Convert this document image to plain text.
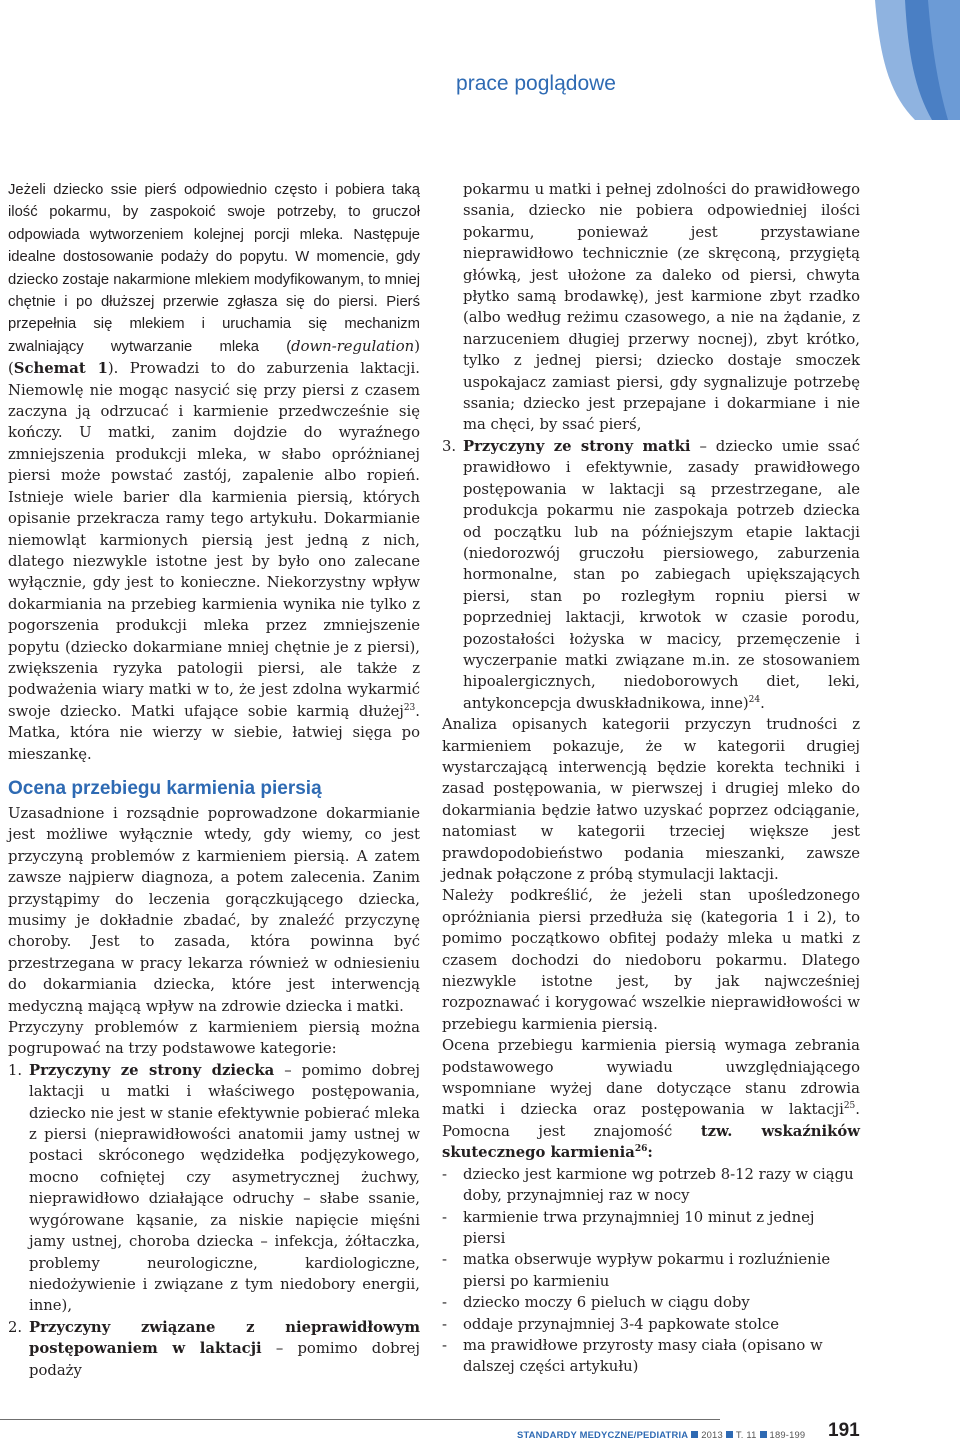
prace poglądowe

Jeżeli dziecko ssie pierś odpowiednio często i pobiera taką ilość pokarmu, by zaspokoić swoje potrzeby, to gruczoł odpowiada wytworzeniem kolejnej porcji mleka. Następuje idealne dostosowanie podaży do popytu. W momencie, gdy dziecko zostaje nakarmione mlekiem modyfikowanym, to mniej chętnie i po dłuższej przerwie zgłasza się do piersi. Pierś przepełnia się mlekiem i uruchamia się mechanizm zwalniający wytwarzanie mleka (down-regulation) (Schemat 1). Prowadzi to do zaburzenia laktacji. Niemowlę nie mogąc nasycić się przy piersi z czasem zaczyna ją odrzucać i karmienie przedwcześnie się kończy. U matki, zanim dojdzie do wyraźnego zmniejszenia produkcji mleka, w słabo opróżnianej piersi może powstać zastój, zapalenie albo ropień. Istnieje wiele barier dla karmienia piersią, których opisanie przekracza ramy tego artykułu. Dokarmianie niemowląt karmionych piersią jest jedną z nich, dlatego niezwykle istotne jest by było ono zalecane wyłącznie, gdy jest to konieczne. Niekorzystny wpływ dokarmiania na przebieg karmienia wynika nie tylko z pogorszenia produkcji mleka przez zmniejszenie popytu (dziecko dokarmiane mniej chętnie je z piersi), zwiększenia ryzyka patologii piersi, ale także z podważenia wiary matki w to, że jest zdolna wykarmić swoje dziecko. Matki ufające sobie karmią dłużej$^{23}$. Matka, która nie wierzy w siebie, łatwiej sięga po mieszankę.

Ocena przebiegu karmienia piersią

Uzasadnione i rozsądnie poprowadzone dokarmianie jest możliwe wyłącznie wtedy, gdy wiemy, co jest przyczyną problemów z karmieniem piersią. A zatem zawsze najpierw diagnoza, a potem zalecenia. Zanim przystąpimy do leczenia gorączkującego dziecka, musimy je dokładnie zbadać, by znaleźć przyczynę choroby. Jest to zasada, która powinna być przestrzegana w pracy lekarza również w odniesieniu do dokarmiania dziecka, które jest interwencją medyczną mającą wpływ na zdrowie dziecka i matki.

Przyczyny problemów z karmieniem piersią można pogrupować na trzy podstawowe kategorie:

1. Przyczyny ze strony dziecka – pomimo dobrej laktacji u matki i właściwego postępowania, dziecko nie jest w stanie efektywnie pobierać mleka z piersi (nieprawidłowości anatomii jamy ustnej w postaci skróconego wędzidełka podjęzykowego, mocno cofniętej czy asymetrycznej żuchwy, nieprawidłowo działające odruchy – słabe ssanie, wygórowane kąsanie, za niskie napięcie mięśni jamy ustnej, choroba dziecka – infekcja, żółtaczka, problemy neurologiczne, kardiologiczne, niedożywienie i związane z tym niedobory energii, inne),
2. Przyczyny związane z nieprawidłowym postępowaniem w laktacji – pomimo dobrej podaży
pokarmu u matki i pełnej zdolności do prawidłowego ssania, dziecko nie pobiera odpowiedniej ilości pokarmu, ponieważ jest przystawiane nieprawidłowo technicznie (ze skręconą, przygiętą główką, jest ułożone za daleko od piersi, chwyta płytko samą brodawkę), jest karmione zbyt rzadko (albo według reżimu czasowego, a nie na żądanie, z narzuceniem długiej przerwy nocnej), zbyt krótko, tylko z jednej piersi; dziecko dostaje smoczek uspokajacz zamiast piersi, gdy sygnalizuje potrzebę ssania; dziecko jest przepajane i dokarmiane i nie ma chęci, by ssać pierś,
3. Przyczyny ze strony matki – dziecko umie ssać prawidłowo i efektywnie, zasady prawidłowego postępowania w laktacji są przestrzegane, ale produkcja pokarmu nie zaspokaja potrzeb dziecka od początku lub na późniejszym etapie laktacji (niedorozwój gruczołu piersiowego, zaburzenia hormonalne, stan po zabiegach upiększających piersi, stan po rozległym ropniu piersi w poprzedniej laktacji, krwotok w czasie porodu, pozostałości łożyska w macicy, przemęczenie i wyczerpanie matki związane m.in. ze stosowaniem hipoalergicznych, niedoborowych diet, leki, antykoncepcja dwuskładnikowa, inne)$^{24}$.

Analiza opisanych kategorii przyczyn trudności z karmieniem pokazuje, że w kategorii drugiej wystarczającą interwencją będzie korekta techniki i zasad postępowania, w pierwszej i drugiej mleko do dokarmiania będzie łatwo uzyskać poprzez odciąganie, natomiast w kategorii trzeciej większe jest prawdopodobieństwo podania mieszanki, zawsze jednak połączone z próbą stymulacji laktacji.

Należy podkreślić, że jeżeli stan upośledzonego opróżniania piersi przedłuża się (kategoria 1 i 2), to pomimo początkowo obfitej podaży mleka u matki z czasem dochodzi do niedoboru pokarmu. Dlatego niezwykle istotne jest, by jak najwcześniej rozpoznawać i korygować wszelkie nieprawidłowości w przebiegu karmienia piersią.

Ocena przebiegu karmienia piersią wymaga zebrania podstawowego wywiadu uwzględniającego wspomniane wyżej dane dotyczące stanu zdrowia matki i dziecka oraz postępowania w laktacji$^{25}$. Pomocna jest znajomość tzw. wskaźników skutecznego karmienia$^{26}$:

-	dziecko jest karmione wg potrzeb 8-12 razy w ciągu doby, przynajmniej raz w nocy
-	karmienie trwa przynajmniej 10 minut z jednej piersi
-	matka obserwuje wypływ pokarmu i rozluźnienie piersi po karmieniu
-	dziecko moczy 6 pieluch w ciągu doby
-	oddaje przynajmniej 3-4 papkowate stolce
-	ma prawidłowe przyrosty masy ciała (opisano w dalszej części artykułu)
STANDARDY MEDYCZNE/PEDIATRIA 2013 T. 11 189-199 191
